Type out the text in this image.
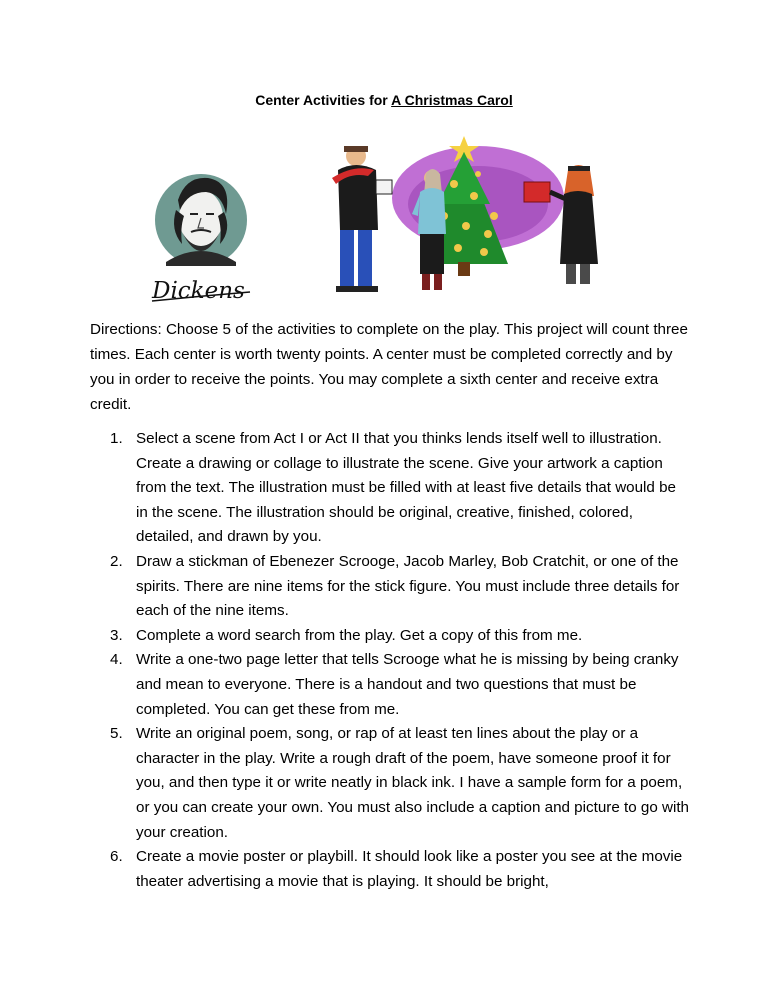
Center Activities for A Christmas Carol
Dickens
Directions: Choose 5 of the activities to complete on the play. This project will count three times. Each center is worth twenty points. A center must be completed correctly and by you in order to receive the points. You may complete a sixth center and receive extra credit.
1. Select a scene from Act I or Act II that you thinks lends itself well to illustration. Create a drawing or collage to illustrate the scene. Give your artwork a caption from the text. The illustration must be filled with at least five details that would be in the scene. The illustration should be original, creative, finished, colored, detailed, and drawn by you.
2. Draw a stickman of Ebenezer Scrooge, Jacob Marley, Bob Cratchit, or one of the spirits. There are nine items for the stick figure. You must include three details for each of the nine items.
3. Complete a word search from the play. Get a copy of this from me.
4. Write a one-two page letter that tells Scrooge what he is missing by being cranky and mean to everyone. There is a handout and two questions that must be completed. You can get these from me.
5. Write an original poem, song, or rap of at least ten lines about the play or a character in the play. Write a rough draft of the poem, have someone proof it for you, and then type it or write neatly in black ink. I have a sample form for a poem, or you can create your own. You must also include a caption and picture to go with your creation.
6. Create a movie poster or playbill. It should look like a poster you see at the movie theater advertising a movie that is playing. It should be bright,
